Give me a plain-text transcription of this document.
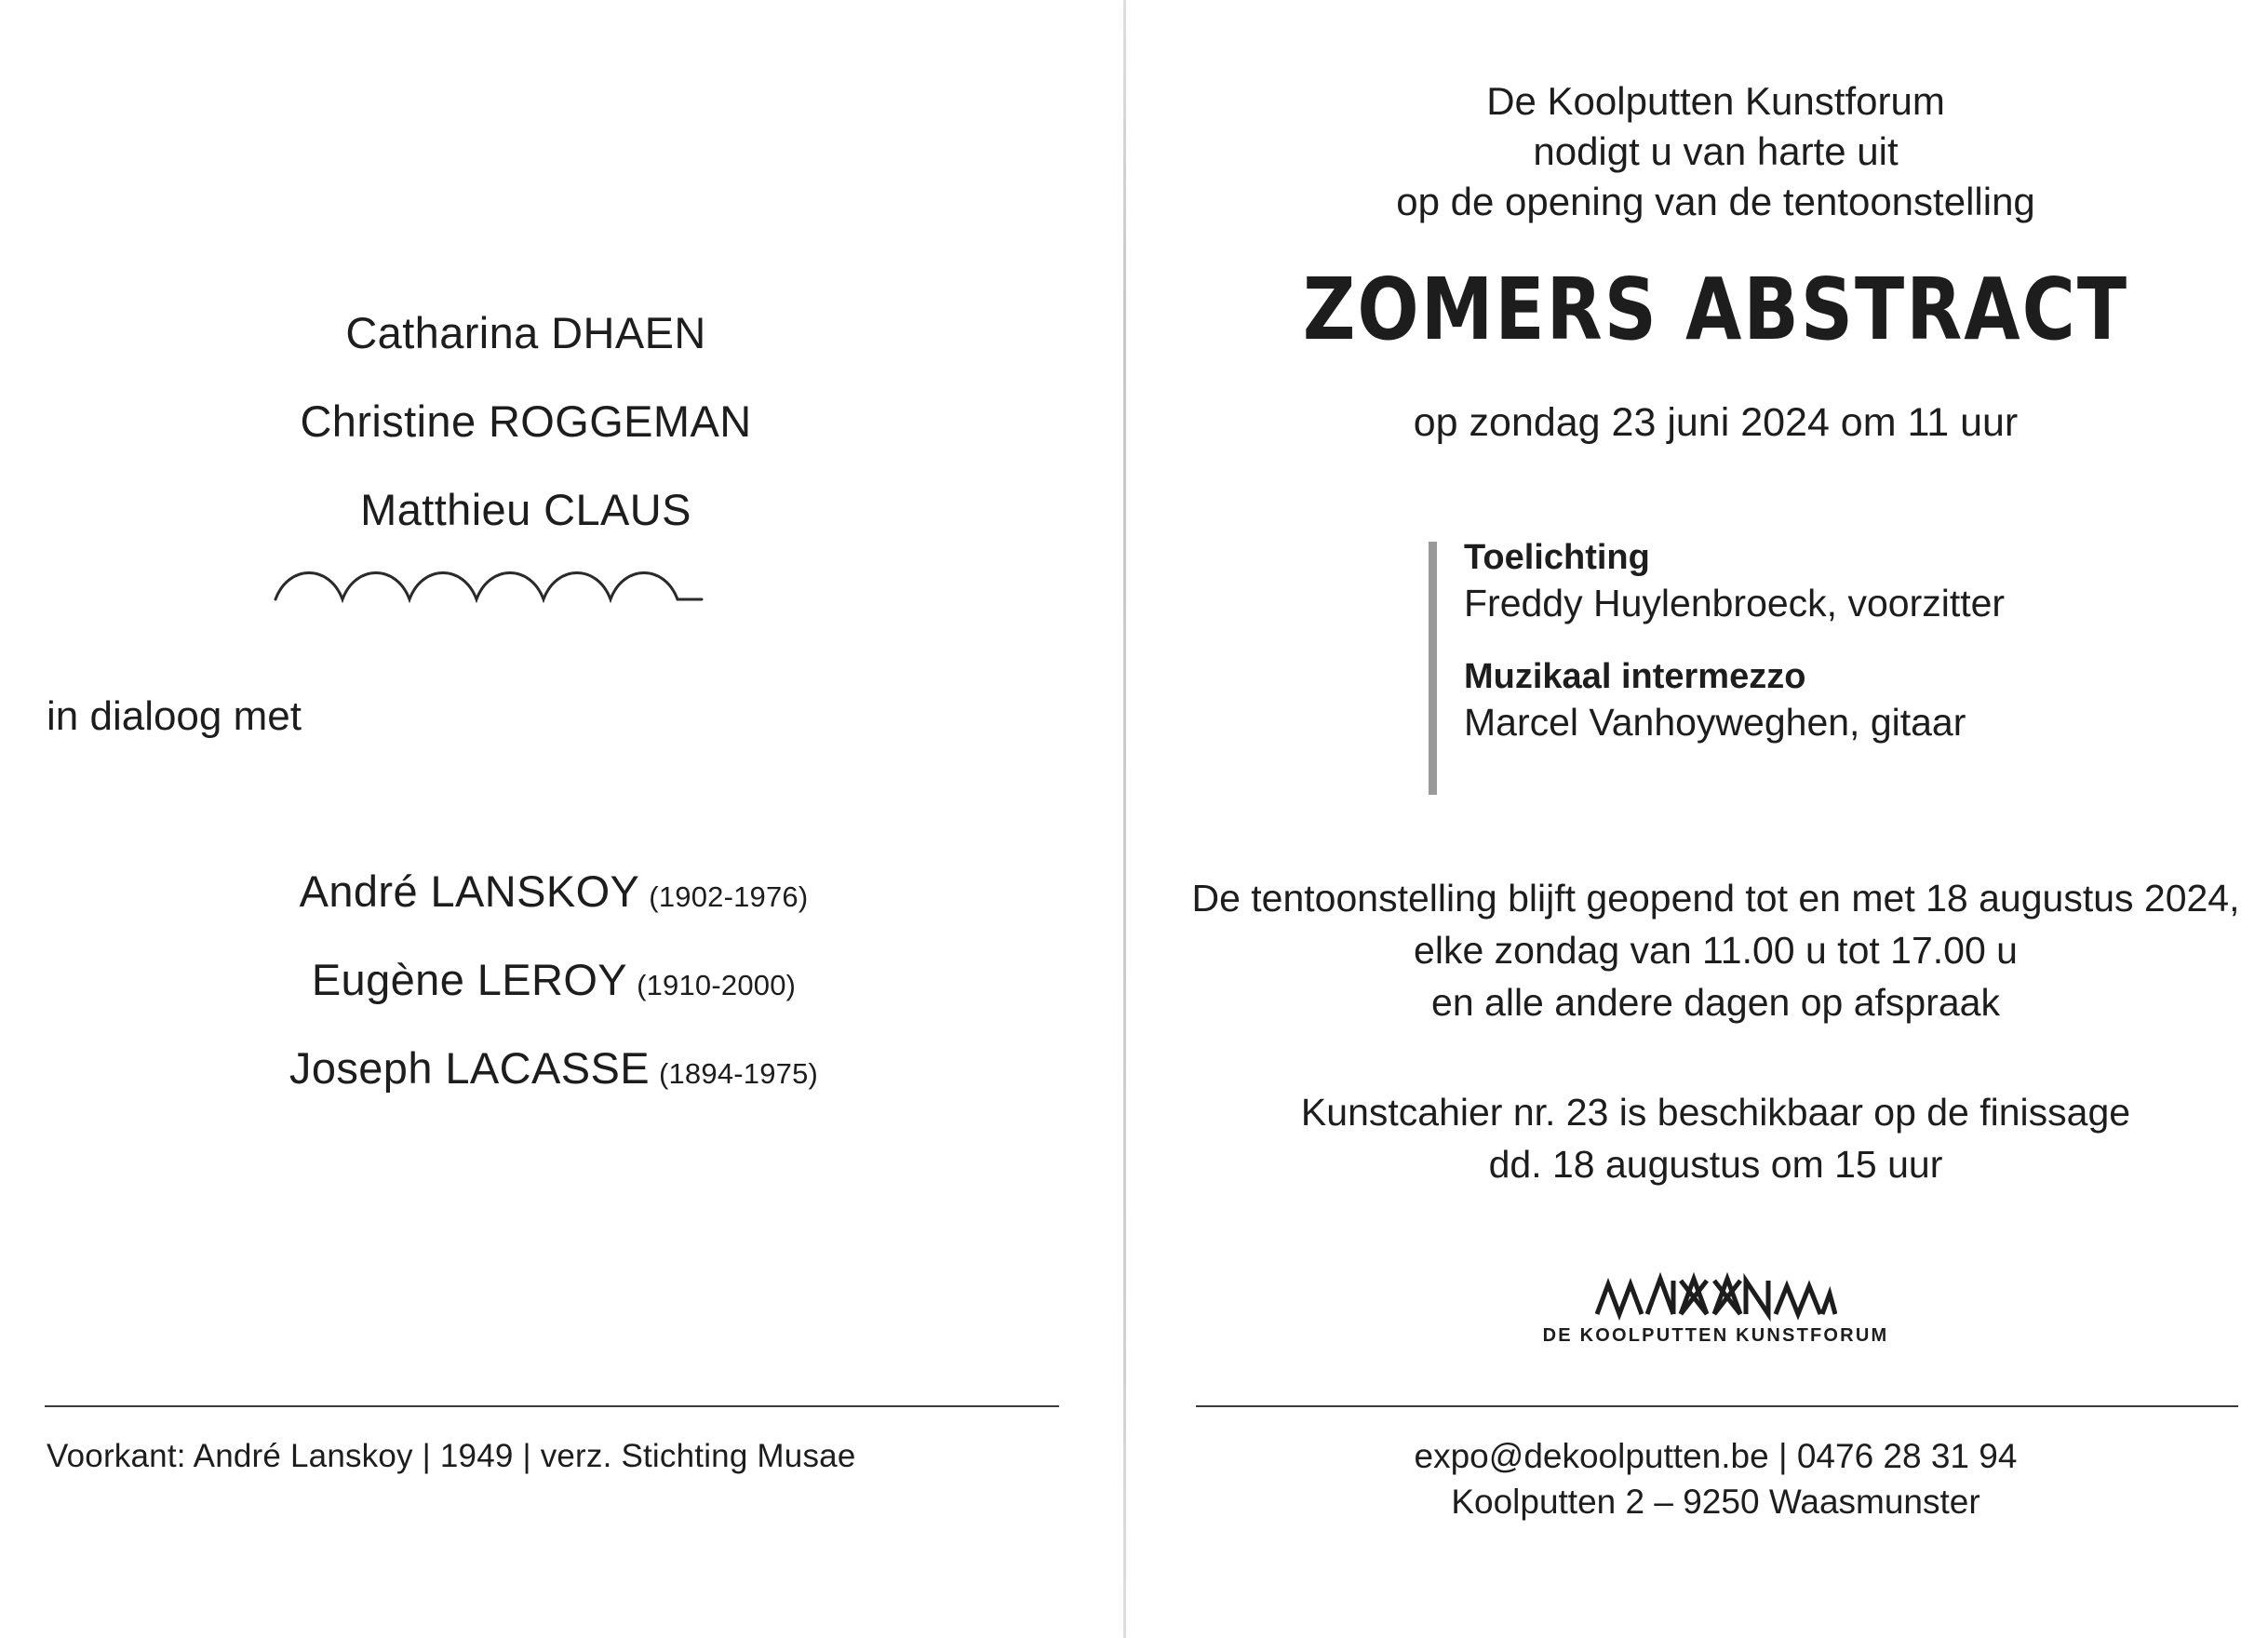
Catharina DHAEN
Christine ROGGEMAN
Matthieu CLAUS
in dialoog met
André LANSKOY (1902-1976)
Eugène LEROY (1910-2000)
Joseph LACASSE (1894-1975)
Voorkant: André Lanskoy | 1949 | verz. Stichting Musae
De Koolputten Kunstforum
nodigt u van harte uit
op de opening van de tentoonstelling
ZOMERS ABSTRACT
op zondag 23 juni 2024 om 11 uur
Toelichting
Freddy Huylenbroeck, voorzitter
Muzikaal intermezzo
Marcel Vanhoyweghen, gitaar
De tentoonstelling blijft geopend tot en met 18 augustus 2024,
elke zondag van 11.00 u tot 17.00 u
en alle andere dagen op afspraak
Kunstcahier nr. 23 is beschikbaar op de finissage
dd. 18 augustus om 15 uur
DE KOOLPUTTEN KUNSTFORUM
expo@dekoolputten.be | 0476 28 31 94
Koolputten 2 – 9250 Waasmunster
